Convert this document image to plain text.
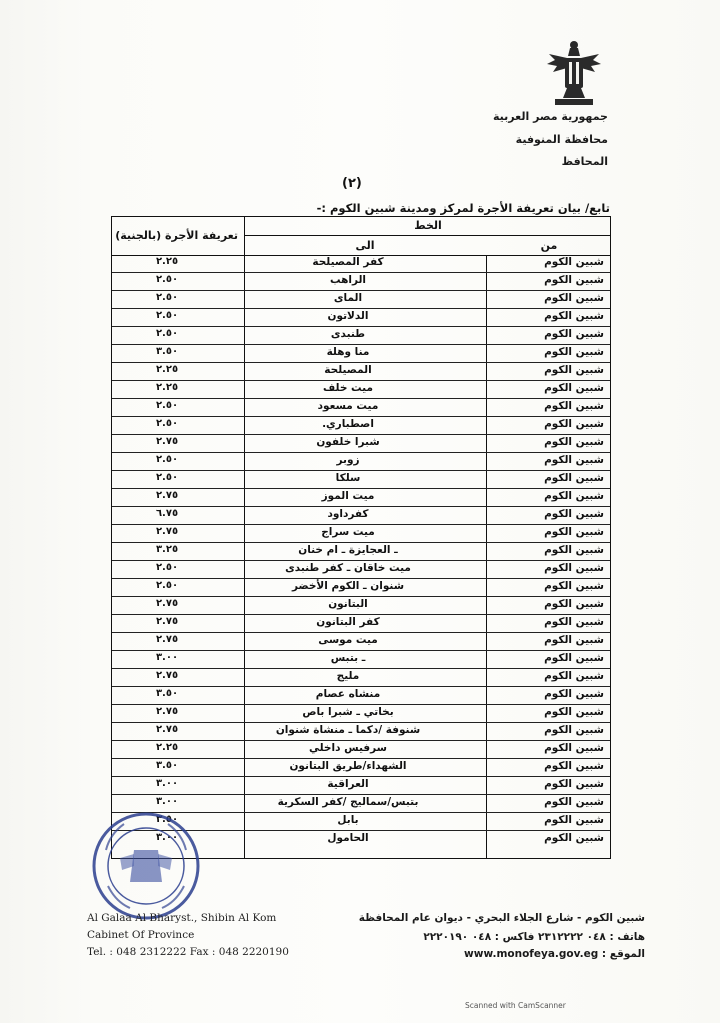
جمهورية مصر العربية
محافظة المنوفية
المحافظ
(٢)
تابع/ بيان تعريفة الأجرة لمركز ومدينة شبين الكوم :-
تعريفة الأجرة (بالجنية)
الخط
الى	من
شبين الكوم
كفر المصيلحة
٢.٢٥
شبين الكوم
الراهب
٢.٥٠
شبين الكوم
الماى
٢.٥٠
شبين الكوم
الدلاتون
٢.٥٠
شبين الكوم
طنبدى
٢.٥٠
شبين الكوم
منا وهلة
٣.٥٠
شبين الكوم
المصيلحة
٢.٢٥
شبين الكوم
ميت خلف
٢.٢٥
شبين الكوم
ميت مسعود
٢.٥٠
شبين الكوم
اصطباري.
٢.٥٠
شبين الكوم
شبرا خلفون
٢.٧٥
شبين الكوم
زوبر
٢.٥٠
شبين الكوم
سلكا
٢.٥٠
شبين الكوم
ميت الموز
٢.٧٥
شبين الكوم
كفرداود
٦.٧٥
شبين الكوم
ميت سراج
٢.٧٥
شبين الكوم
ـ العجايزة ـ ام خنان
٣.٢٥
شبين الكوم
ميت خاقان ـ كفر طنبدى
٢.٥٠
شبين الكوم
شنوان ـ الكوم الأخضر
٢.٥٠
شبين الكوم
البتانون
٢.٧٥
شبين الكوم
كفر البتانون
٢.٧٥
شبين الكوم
ميت موسى
٢.٧٥
شبين الكوم
ـ بتبس
٣.٠٠
شبين الكوم
مليج
٢.٧٥
شبين الكوم
منشاه عصام
٣.٥٠
شبين الكوم
بخاتي ـ شبرا باص
٢.٧٥
شبين الكوم
شنوفة /دكما ـ منشاة شنوان
٢.٧٥
شبين الكوم
سرفيس داخلي
٢.٢٥
شبين الكوم
الشهداء/طريق البتانون
٣.٥٠
شبين الكوم
العراقية
٣.٠٠
شبين الكوم
بتبس/سماليج /كفر السكرية
٣.٠٠
شبين الكوم
بابل
٣.٥٠
شبين الكوم
الحامول
٣.٠٠
Al Galaa Al Bharyst., Shibin Al Kom
Cabinet Of Province
Tel. : 048 2312222 Fax : 048 2220190
شبين الكوم - شارع الجلاء البحري - ديوان عام المحافظة
هاتف : ٠٤٨ ٢٣١٢٢٢٢ فاكس : ٠٤٨ ٢٢٢٠١٩٠
الموقع : www.monofeya.gov.eg
Scanned with CamScanner
